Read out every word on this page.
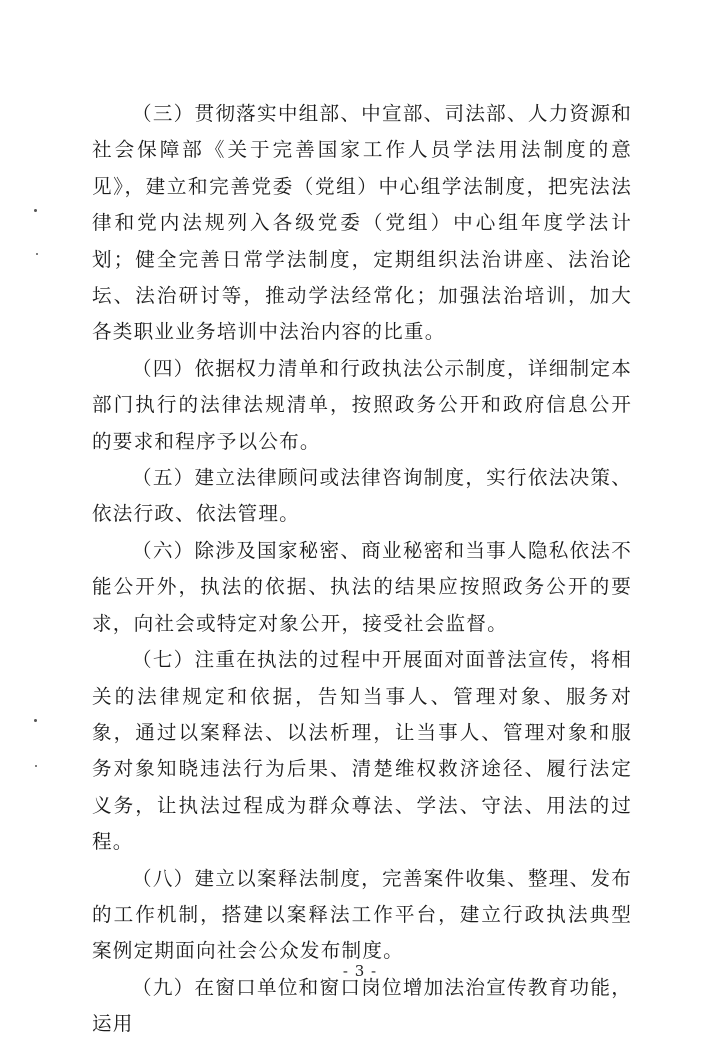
（三）贯彻落实中组部、中宣部、司法部、人力资源和社会保障部《关于完善国家工作人员学法用法制度的意见》，建立和完善党委（党组）中心组学法制度，把宪法法律和党内法规列入各级党委（党组）中心组年度学法计划；健全完善日常学法制度，定期组织法治讲座、法治论坛、法治研讨等，推动学法经常化；加强法治培训，加大各类职业业务培训中法治内容的比重。

（四）依据权力清单和行政执法公示制度，详细制定本部门执行的法律法规清单，按照政务公开和政府信息公开的要求和程序予以公布。

（五）建立法律顾问或法律咨询制度，实行依法决策、依法行政、依法管理。

（六）除涉及国家秘密、商业秘密和当事人隐私依法不能公开外，执法的依据、执法的结果应按照政务公开的要求，向社会或特定对象公开，接受社会监督。

（七）注重在执法的过程中开展面对面普法宣传，将相关的法律规定和依据，告知当事人、管理对象、服务对象，通过以案释法、以法析理，让当事人、管理对象和服务对象知晓违法行为后果、清楚维权救济途径、履行法定义务，让执法过程成为群众尊法、学法、守法、用法的过程。

（八）建立以案释法制度，完善案件收集、整理、发布的工作机制，搭建以案释法工作平台，建立行政执法典型案例定期面向社会公众发布制度。

（九）在窗口单位和窗口岗位增加法治宣传教育功能，运用

- 3 -
